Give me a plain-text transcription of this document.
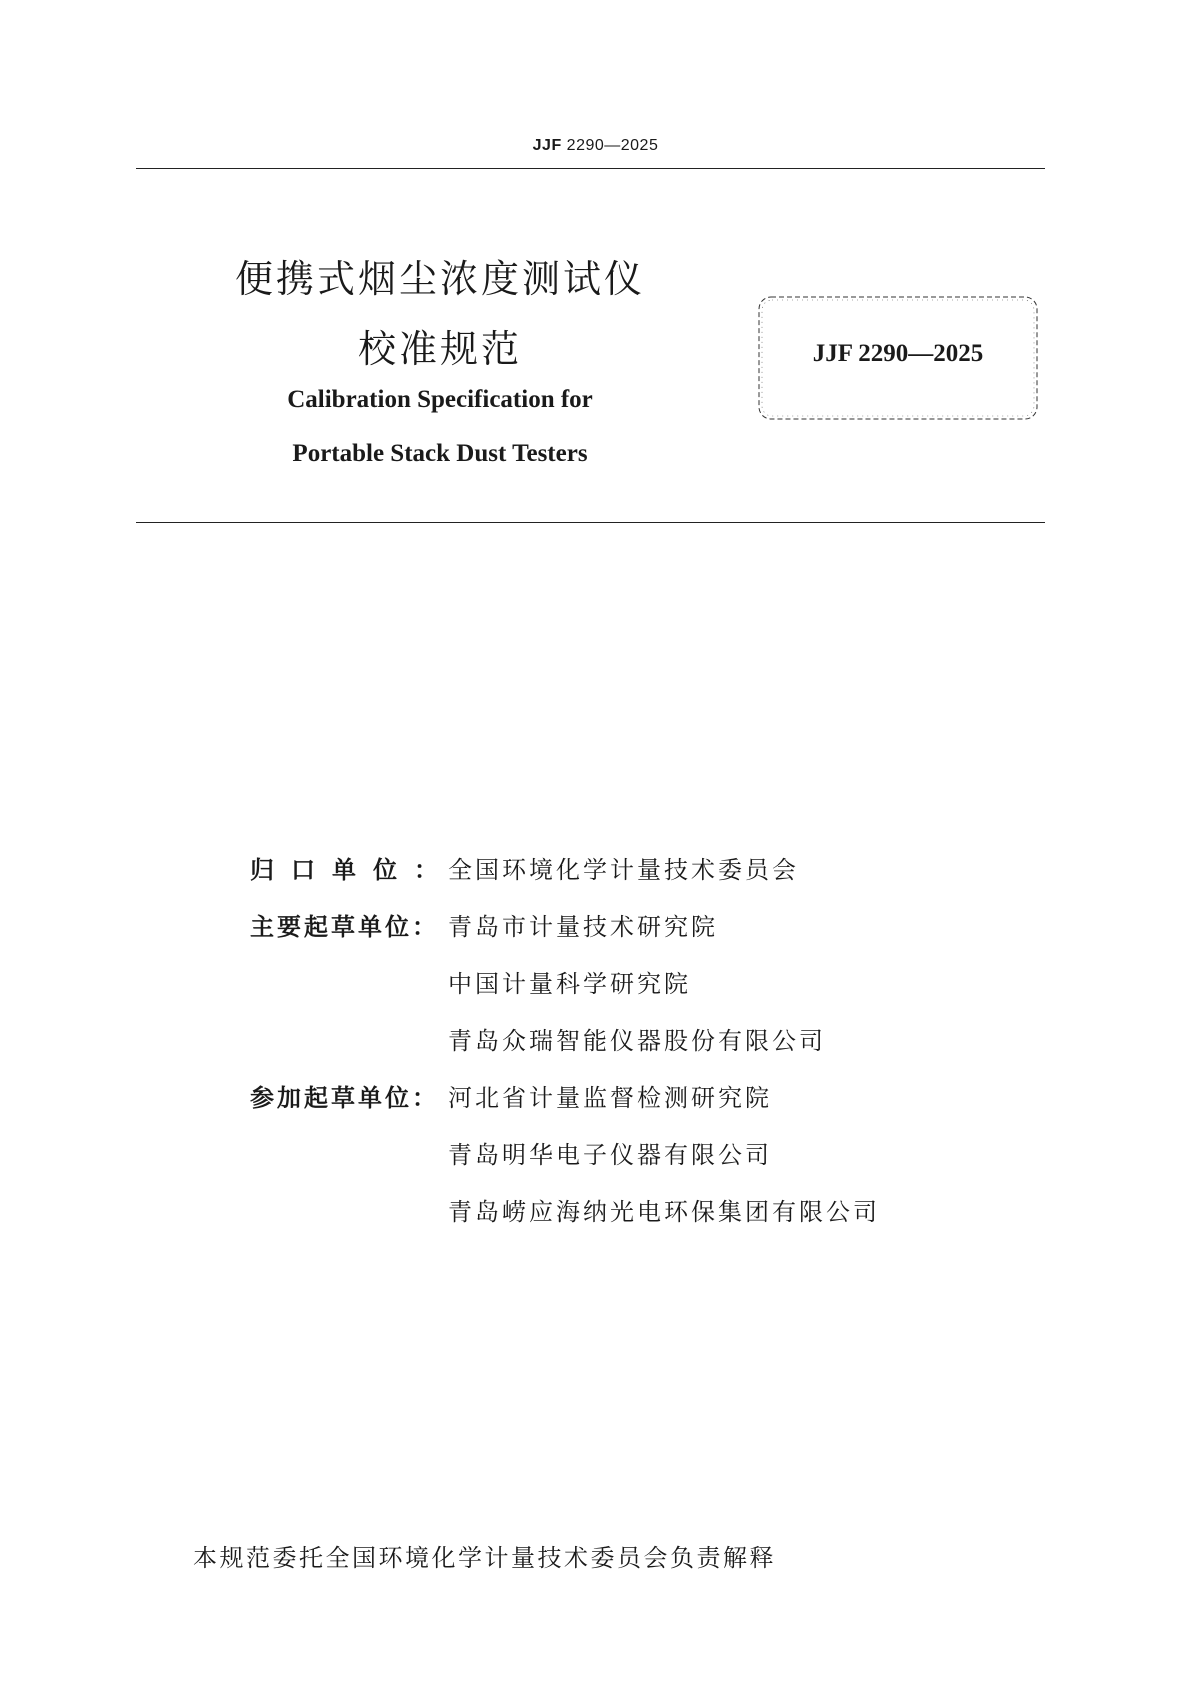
JJF 2290—2025
便携式烟尘浓度测试仪
校准规范
Calibration Specification for
Portable Stack Dust Testers
JJF 2290—2025
归口单位：
全国环境化学计量技术委员会
主要起草单位： 青岛市计量技术研究院
中国计量科学研究院
青岛众瑞智能仪器股份有限公司
参加起草单位： 河北省计量监督检测研究院
青岛明华电子仪器有限公司
青岛崂应海纳光电环保集团有限公司
本规范委托全国环境化学计量技术委员会负责解释
